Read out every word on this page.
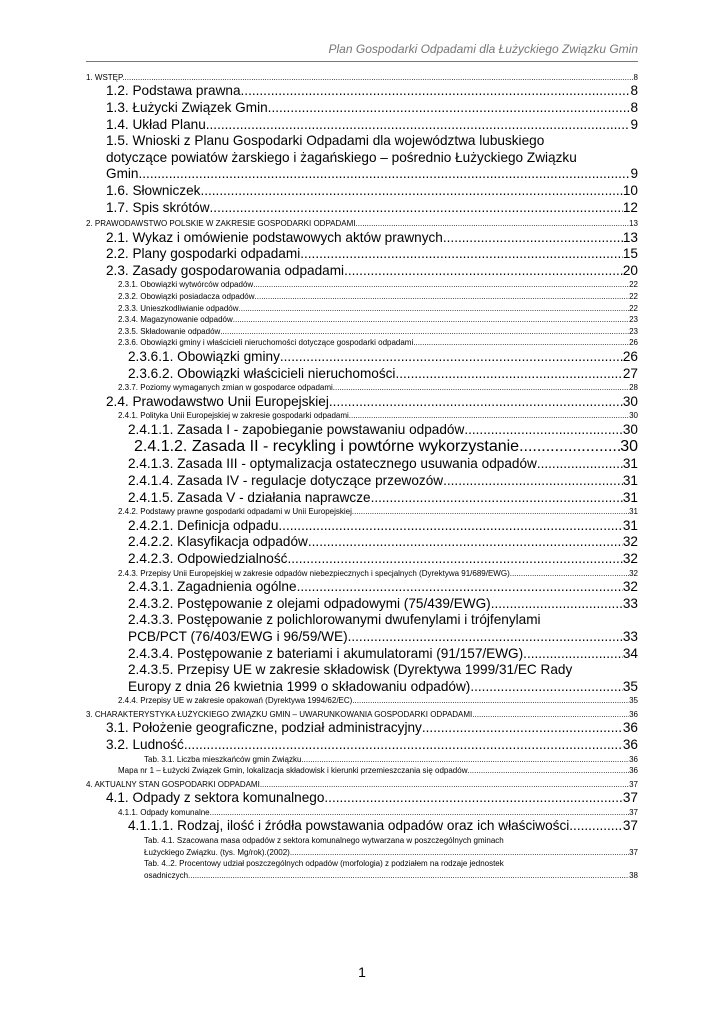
Plan Gospodarki Odpadami dla Łużyckiego Związku Gmin
1. WSTĘP. .....	8
1.2. Podstawa prawna .....	8
1.3. Łużycki Związek Gmin .....	8
1.4. Układ Planu .....	9
1.5. Wnioski z Planu Gospodarki Odpadami dla województwa lubuskiego
dotyczące powiatów żarskiego i żagańskiego – pośrednio Łużyckiego Związku
Gmin .....	9
1.6. Słowniczek .....	10
1.7. Spis skrótów .....	12
2. PRAWODAWSTWO POLSKIE W ZAKRESIE GOSPODARKI ODPADAMI .....	13
2.1. Wykaz i omówienie podstawowych aktów prawnych .....	13
2.2. Plany gospodarki odpadami .....	15
2.3. Zasady gospodarowania odpadami .....	20
2.3.1. Obowiązki wytwórców odpadów .....	22
2.3.2. Obowiązki posiadacza odpadów .....	22
2.3.3. Unieszkodliwianie odpadów .....	22
2.3.4. Magazynowanie odpadów .....	23
2.3.5. Składowanie odpadów .....	23
2.3.6. Obowiązki gminy i właścicieli nieruchomości dotyczące gospodarki odpadami .....	26
2.3.6.1. Obowiązki gminy .....	26
2.3.6.2. Obowiązki właścicieli nieruchomości .....	27
2.3.7. Poziomy wymaganych zmian w gospodarce odpadami .....	28
2.4. Prawodawstwo Unii Europejskiej .....	30
2.4.1. Polityka Unii Europejskiej w zakresie gospodarki odpadami .....	30
2.4.1.1. Zasada I - zapobieganie powstawaniu odpadów .....	30
2.4.1.2. Zasada II - recykling i powtórne wykorzystanie .....	30
2.4.1.3. Zasada III - optymalizacja ostatecznego usuwania odpadów .....	31
2.4.1.4. Zasada IV - regulacje dotyczące przewozów .....	31
2.4.1.5. Zasada V - działania naprawcze .....	31
2.4.2. Podstawy prawne gospodarki odpadami w Unii Europejskiej .....	31
2.4.2.1. Definicja odpadu .....	31
2.4.2.2. Klasyfikacja odpadów .....	32
2.4.2.3. Odpowiedzialność .....	32
2.4.3. Przepisy Unii Europejskiej w zakresie odpadów niebezpiecznych i specjalnych (Dyrektywa 91/689/EWG) .....	32
2.4.3.1. Zagadnienia ogólne .....	32
2.4.3.2. Postępowanie z olejami odpadowymi (75/439/EWG) .....	33
2.4.3.3. Postępowanie z polichlorowanymi dwufenylami i trójfenylami
PCB/PCT (76/403/EWG i 96/59/WE) .....	33
2.4.3.4. Postępowanie z bateriami i akumulatorami (91/157/EWG) .....	34
2.4.3.5. Przepisy UE w zakresie składowisk (Dyrektywa 1999/31/EC Rady
Europy z dnia 26 kwietnia 1999 o składowaniu odpadów) .....	35
2.4.4. Przepisy UE w zakresie opakowań (Dyrektywa 1994/62/EC) .....	35
3. CHARAKTERYSTYKA ŁUŻYCKIEGO ZWIĄZKU GMIN – UWARUNKOWANIA GOSPODARKI ODPADAMI .....	36
3.1. Położenie geograficzne, podział administracyjny .....	36
3.2. Ludność .....	36
Tab. 3.1. Liczba mieszkańców gmin Związku .....	36
Mapa nr 1 – Łużycki Związek Gmin, lokalizacja składowisk i kierunki przemieszczania się odpadów .....	36
4. AKTUALNY STAN GOSPODARKI ODPADAMI .....	37
4.1. Odpady z sektora komunalnego .....	37
4.1.1. Odpady komunalne .....	37
4.1.1.1. Rodzaj, ilość i źródła powstawania odpadów oraz ich właściwości .....	37
Tab. 4.1. Szacowana masa odpadów z sektora komunalnego wytwarzana w poszczególnych gminach
Łużyckiego Związku. (tys. Mg/rok).(2002) .....	37
Tab. 4..2. Procentowy udział poszczególnych odpadów (morfologia) z podziałem na rodzaje jednostek
osadniczych .....	38
1
